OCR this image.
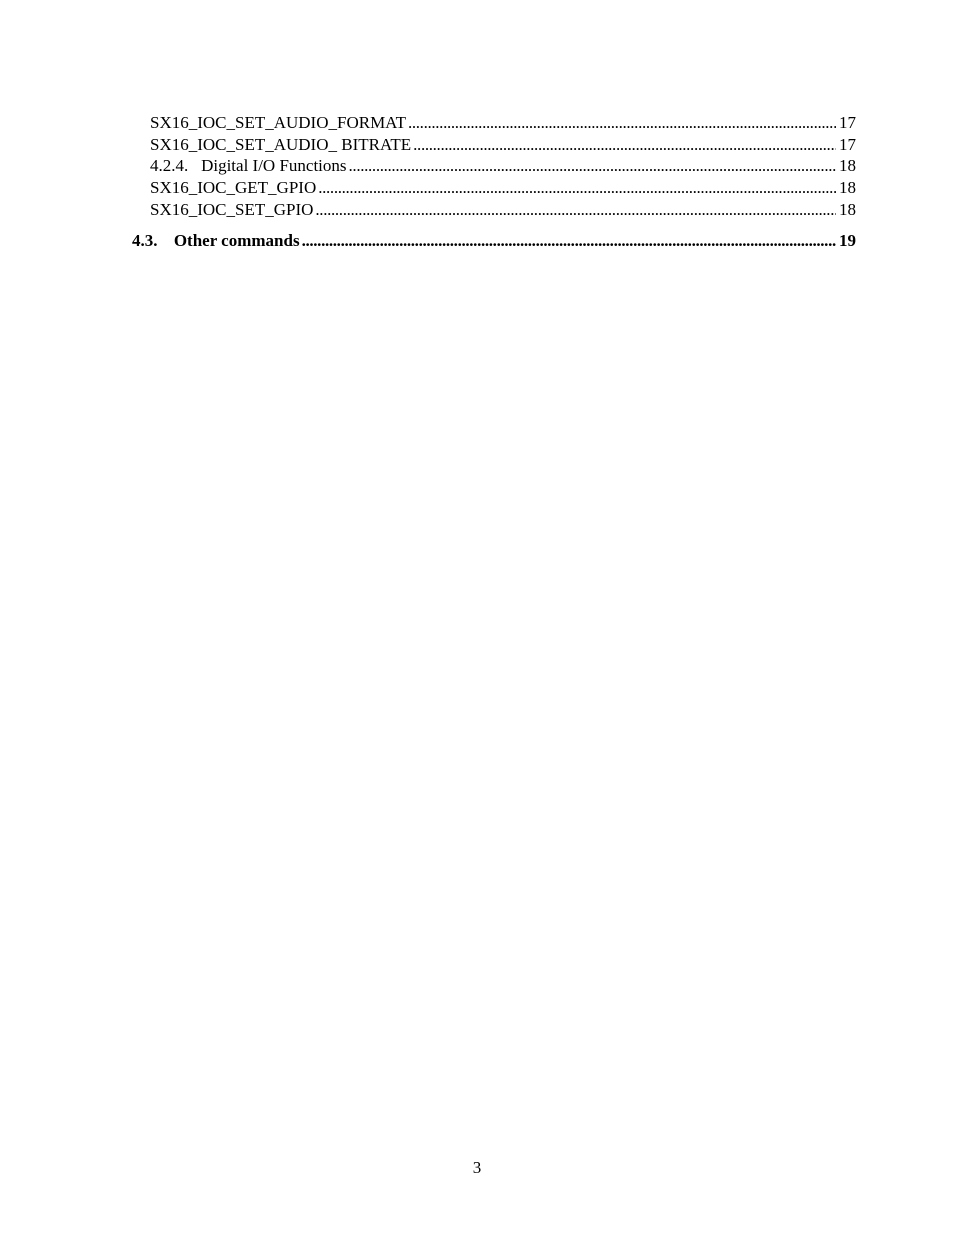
SX16_IOC_SET_AUDIO_FORMAT . . .	17
SX16_IOC_SET_AUDIO_ BITRATE . . .	17
4.2.4. Digital I/O Functions . . .	18
SX16_IOC_GET_GPIO . . .	18
SX16_IOC_SET_GPIO . . .	18
4.3. Other commands . . .	19
3
